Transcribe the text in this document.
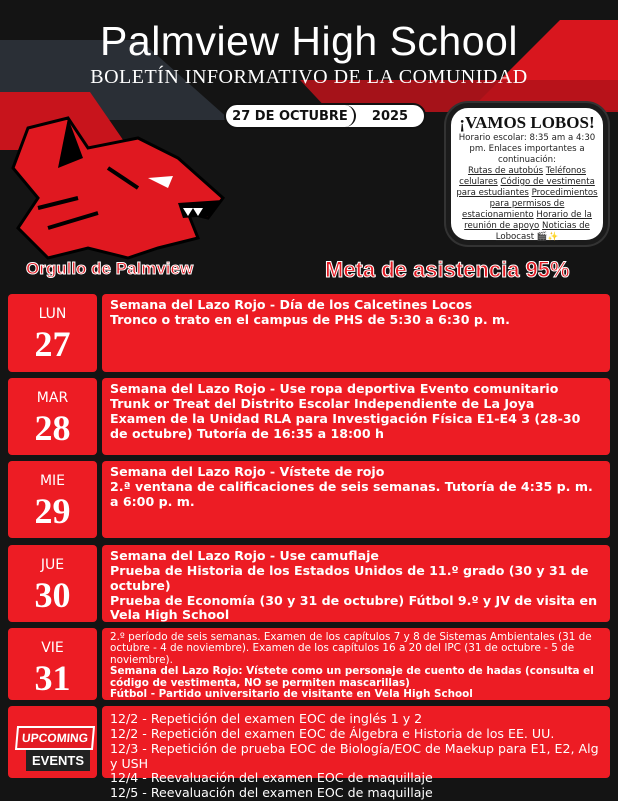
Palmview High School
BOLETÍN INFORMATIVO DE LA COMUNIDAD
27 DE OCTUBRE	2025	¡VAMOS LOBOS!
Horario escolar: 8:35 am a 4:30 pm. Enlaces importantes a continuación:
Rutas de autobús Teléfonos celulares Código de vestimenta para estudiantes Procedimientos para permisos de estacionamiento Horario de la reunión de apoyo Noticias de Lobocast 🎬✨
Orgullo de Palmview	Meta de asistencia 95%
LUN
27

Semana del Lazo Rojo - Día de los Calcetines Locos

Tronco o trato en el campus de PHS de 5:30 a 6:30 p. m.

MAR
28

Semana del Lazo Rojo - Use ropa deportiva Evento comunitario Trunk or Treat del Distrito Escolar Independiente de La Joya

Examen de la Unidad RLA para Investigación Física E1-E4 3 (28-30 de octubre) Tutoría de 16:35 a 18:00 h

MIE
29

Semana del Lazo Rojo - Vístete de rojo

2.ª ventana de calificaciones de seis semanas. Tutoría de 4:35 p. m. a 6:00 p. m.

JUE
30

Semana del Lazo Rojo - Use camuflaje

Prueba de Historia de los Estados Unidos de 11.º grado (30 y 31 de octubre)

Prueba de Economía (30 y 31 de octubre) Fútbol 9.º y JV de visita en Vela High School

VIE
31

2.º período de seis semanas. Examen de los capítulos 7 y 8 de Sistemas Ambientales (31 de octubre - 4 de noviembre). Examen de los capítulos 16 a 20 del IPC (31 de octubre - 5 de noviembre).

Semana del Lazo Rojo: Vístete como un personaje de cuento de hadas (consulta el código de vestimenta, NO se permiten mascarillas)

Fútbol - Partido universitario de visitante en Vela High School

UPCOMING
EVENTS

12/2 - Repetición del examen EOC de inglés 1 y 2

12/2 - Repetición del examen EOC de Álgebra e Historia de los EE. UU.

12/3 - Repetición de prueba EOC de Biología/EOC de Maekup para E1, E2, Alg y USH

12/4 - Reevaluación del examen EOC de maquillaje

12/5 - Reevaluación del examen EOC de maquillaje
